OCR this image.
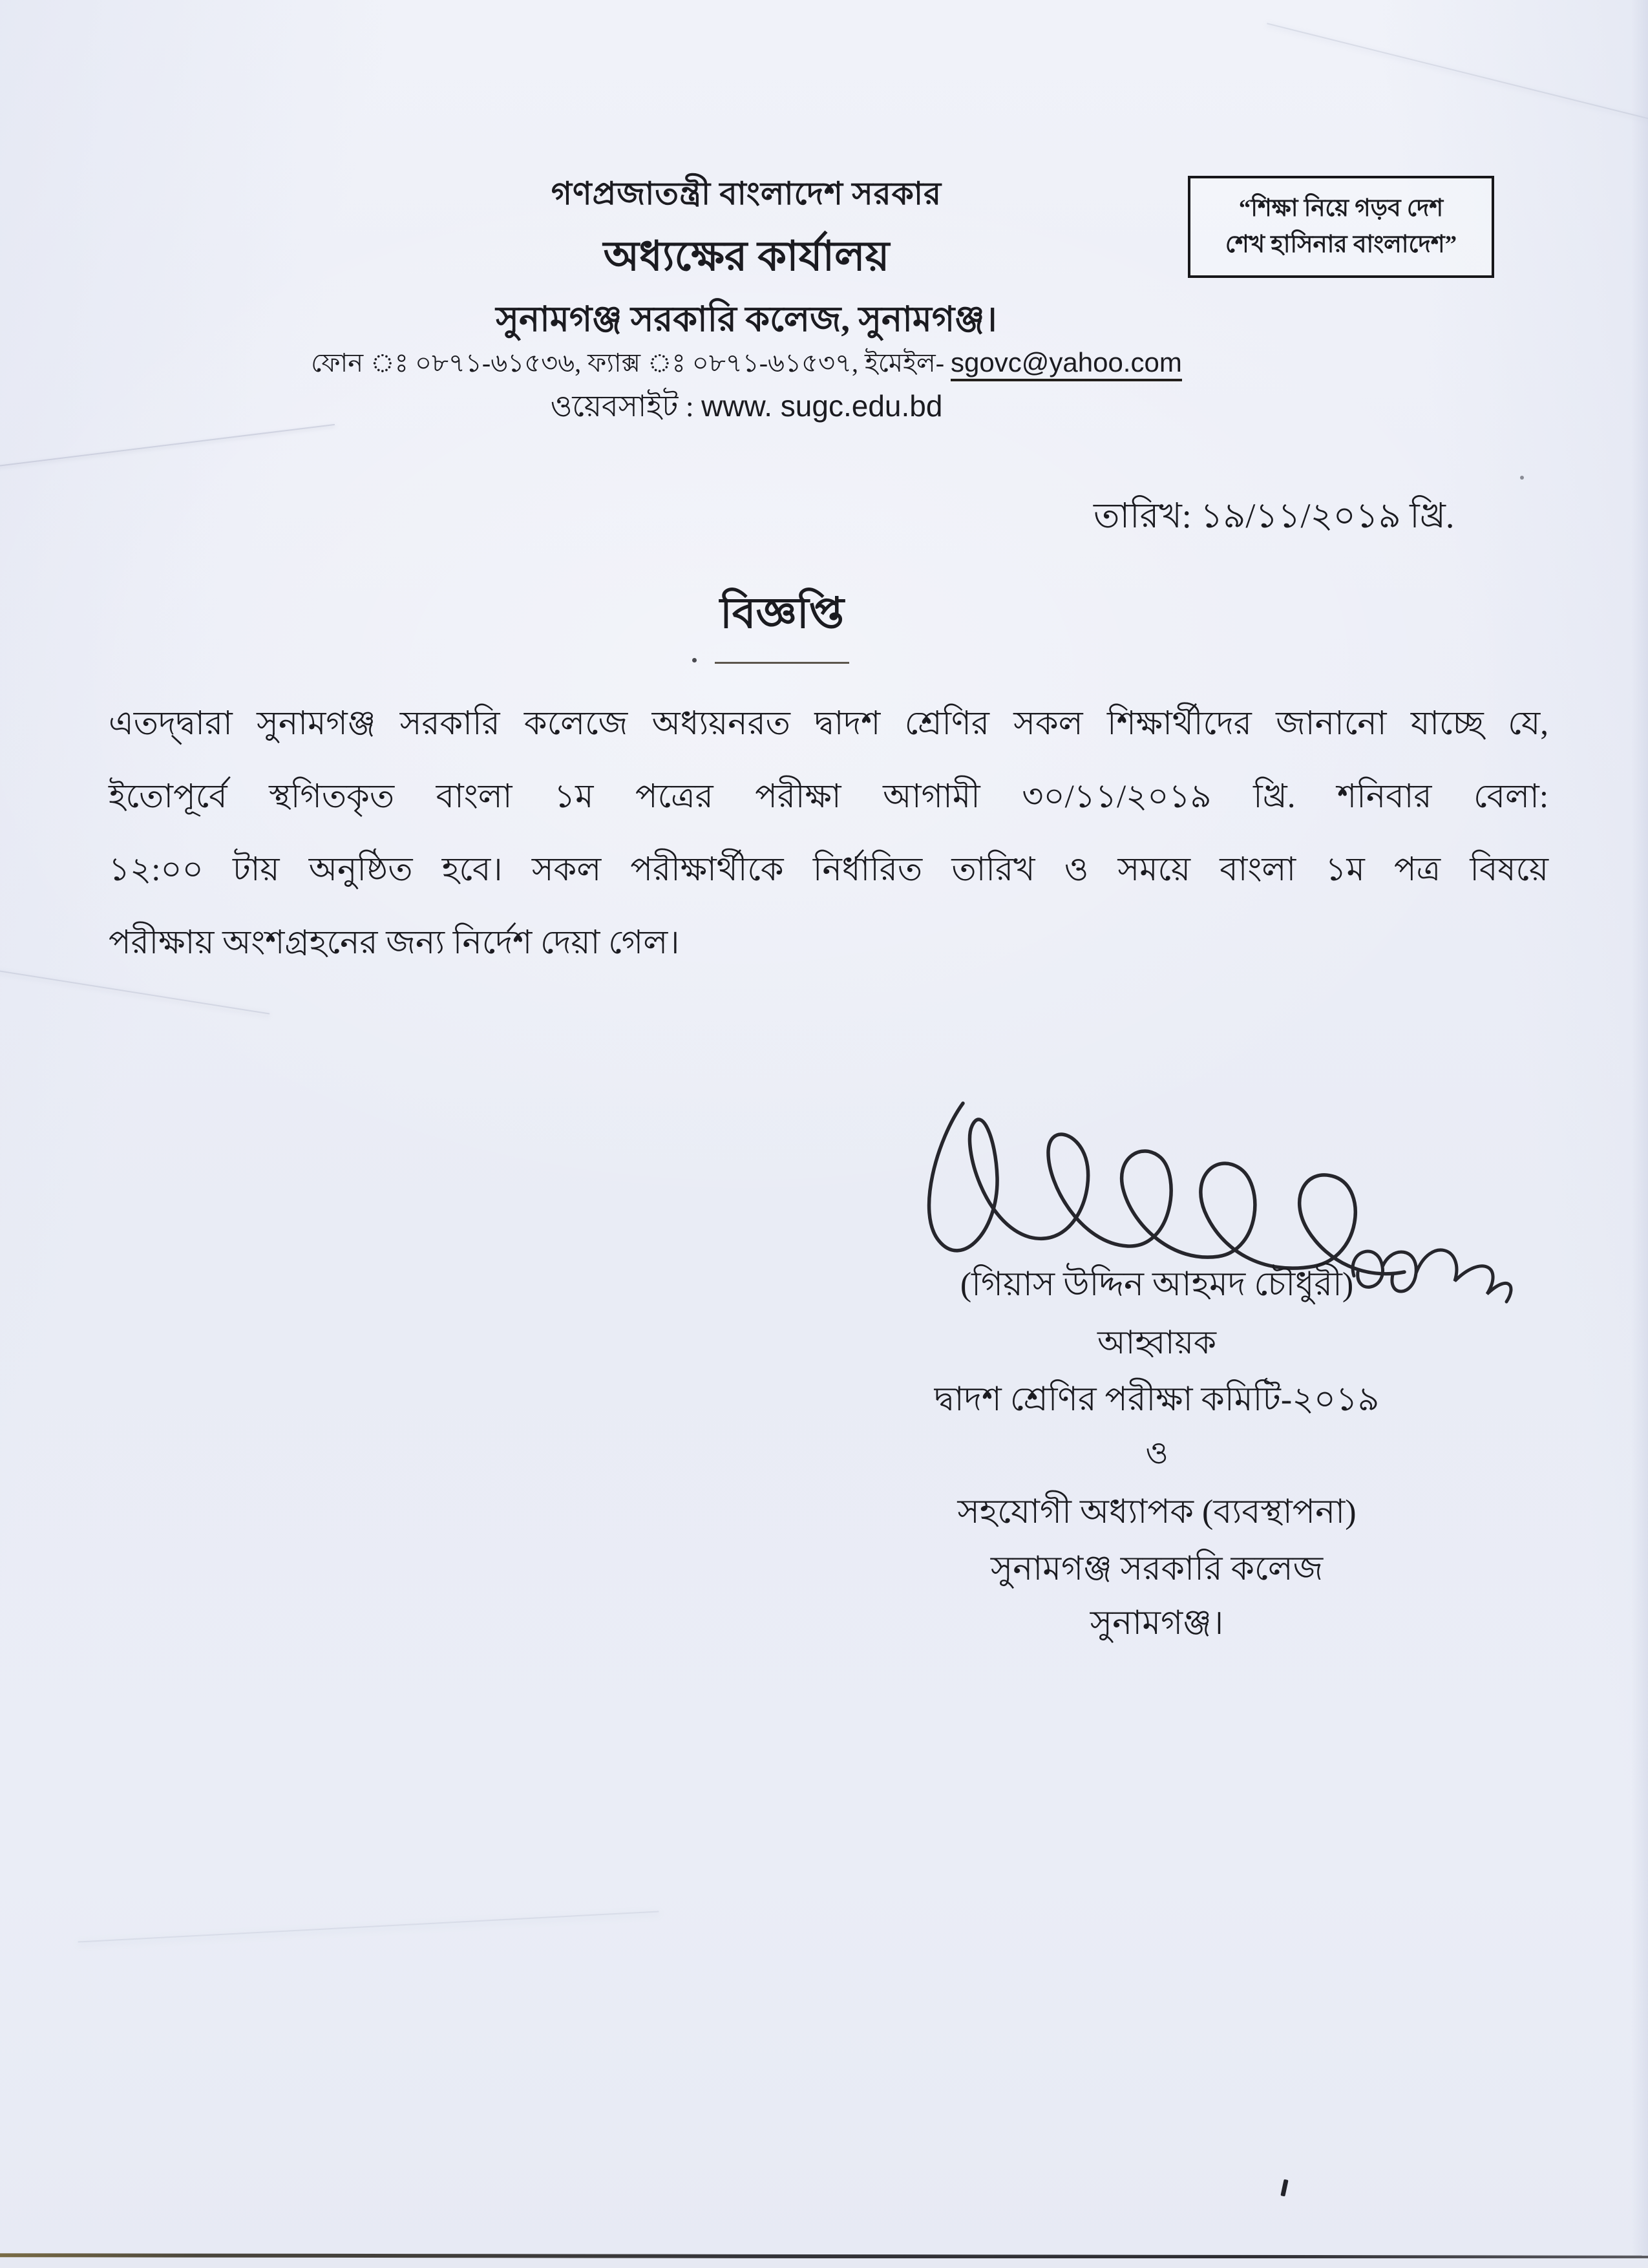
গণপ্রজাতন্ত্রী বাংলাদেশ সরকার
অধ্যক্ষের কার্যালয়
সুনামগঞ্জ সরকারি কলেজ, সুনামগঞ্জ।
ফোন ঃ ০৮৭১-৬১৫৩৬, ফ্যাক্স ঃ ০৮৭১-৬১৫৩৭, ইমেইল- sgovc@yahoo.com
ওয়েবসাইট : www. sugc.edu.bd
“শিক্ষা নিয়ে গড়ব দেশ
শেখ হাসিনার বাংলাদেশ”
তারিখ: ১৯/১১/২০১৯ খ্রি.
বিজ্ঞপ্তি
এতদ্দ্বারা সুনামগঞ্জ সরকারি কলেজে অধ্যয়নরত দ্বাদশ শ্রেণির সকল শিক্ষার্থীদের জানানো যাচ্ছে যে,
ইতোপূর্বে স্থগিতকৃত বাংলা ১ম পত্রের পরীক্ষা আগামী ৩০/১১/২০১৯ খ্রি. শনিবার বেলা:
১২:০০ টায় অনুষ্ঠিত হবে। সকল পরীক্ষার্থীকে নির্ধারিত তারিখ ও সময়ে বাংলা ১ম পত্র বিষয়ে
পরীক্ষায় অংশগ্রহনের জন্য নির্দেশ দেয়া গেল।
(গিয়াস উদ্দিন আহমদ চৌধুরী)
আহ্বায়ক
দ্বাদশ শ্রেণির পরীক্ষা কমিটি-২০১৯
ও
সহযোগী অধ্যাপক (ব্যবস্থাপনা)
সুনামগঞ্জ সরকারি কলেজ
সুনামগঞ্জ।
